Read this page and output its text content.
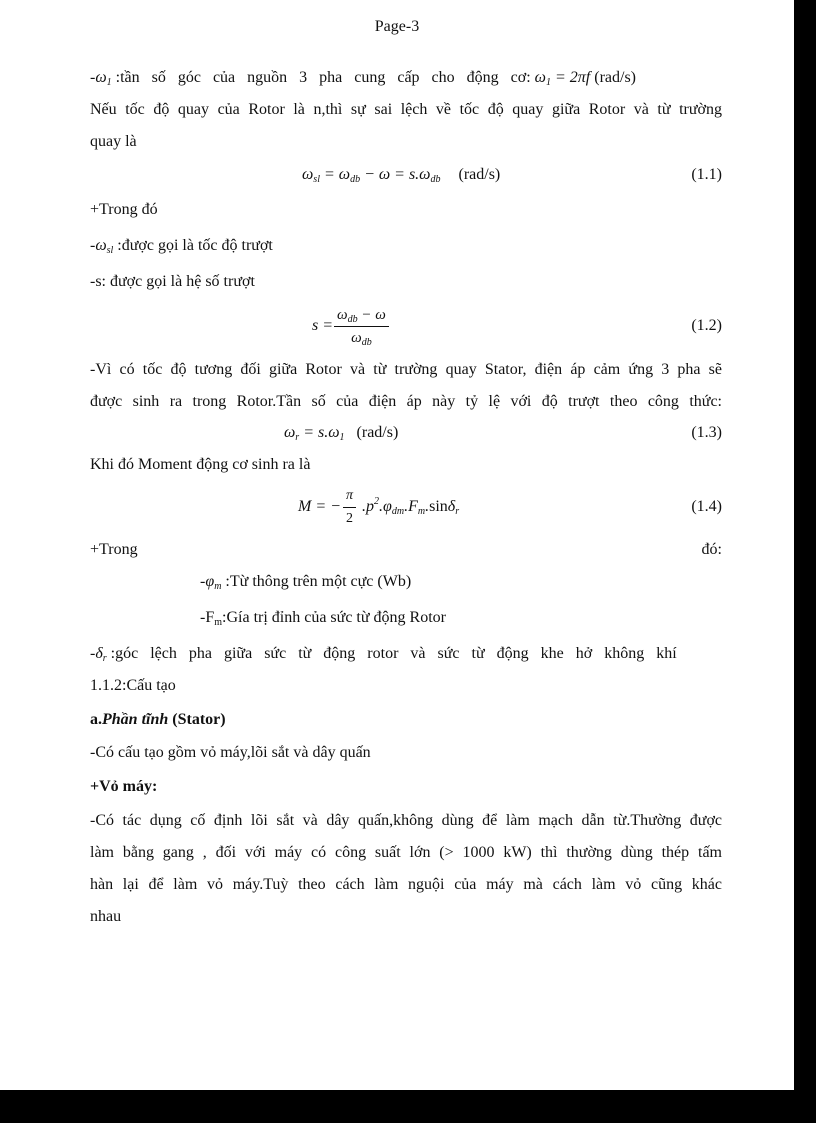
Page-3
$-\omega_1$ :tần   số   góc   của   nguồn   3   pha   cung   cấp   cho   động   cơ: $\omega_1 = 2\pi f$ (rad/s)
Nếu tốc độ quay của Rotor là n,thì sự sai lệch về tốc độ quay giữa Rotor và từ trường
quay là
$\omega_{sl} = \omega_{db} - \omega = s.\omega_{db}$ (rad/s)	(1.1)
+Trong đó
$-\omega_{sl}$ :được gọi là tốc độ trượt
-s: được gọi là hệ số trượt
s =
$\omega_{db} - \omega$
$\omega_{db}$
(1.2)
-Vì có tốc độ tương đối giữa Rotor và từ trường quay Stator, điện áp cảm ứng 3 pha sẽ
được sinh ra trong Rotor.Tần số của điện áp này tỷ lệ với độ trượt theo công thức:
$\omega_r = s.\omega_1$ (rad/s)	(1.3)
Khi đó Moment động cơ sinh ra là
M = − $\frac{\pi}{2} .p^2.\varphi_{dm}.F_m.\sin\delta_r$	(1.4)
+Trong	đó:
$-\varphi_m$ :Từ thông trên một cực (Wb)
$-F_m:Gía$ trị đỉnh của sức từ động Rotor
$-\delta_r$ :góc   lệch   pha   giữa   sức   từ   động   rotor   và   sức   từ   động   khe   hở   không   khí
1.1.2:Cấu tạo
a.Phần tĩnh (Stator)
-Có cấu tạo gồm vỏ máy,lõi sắt và dây quấn
+Vỏ máy:
-Có tác dụng cố định lõi sắt và dây quấn,không dùng để làm mạch dẫn từ.Thường được
làm bằng gang , đối với máy có công suất lớn (> 1000 kW) thì thường dùng thép tấm
hàn lại để làm vỏ máy.Tuỳ theo cách làm nguội của máy mà cách làm vỏ cũng khác
nhau
